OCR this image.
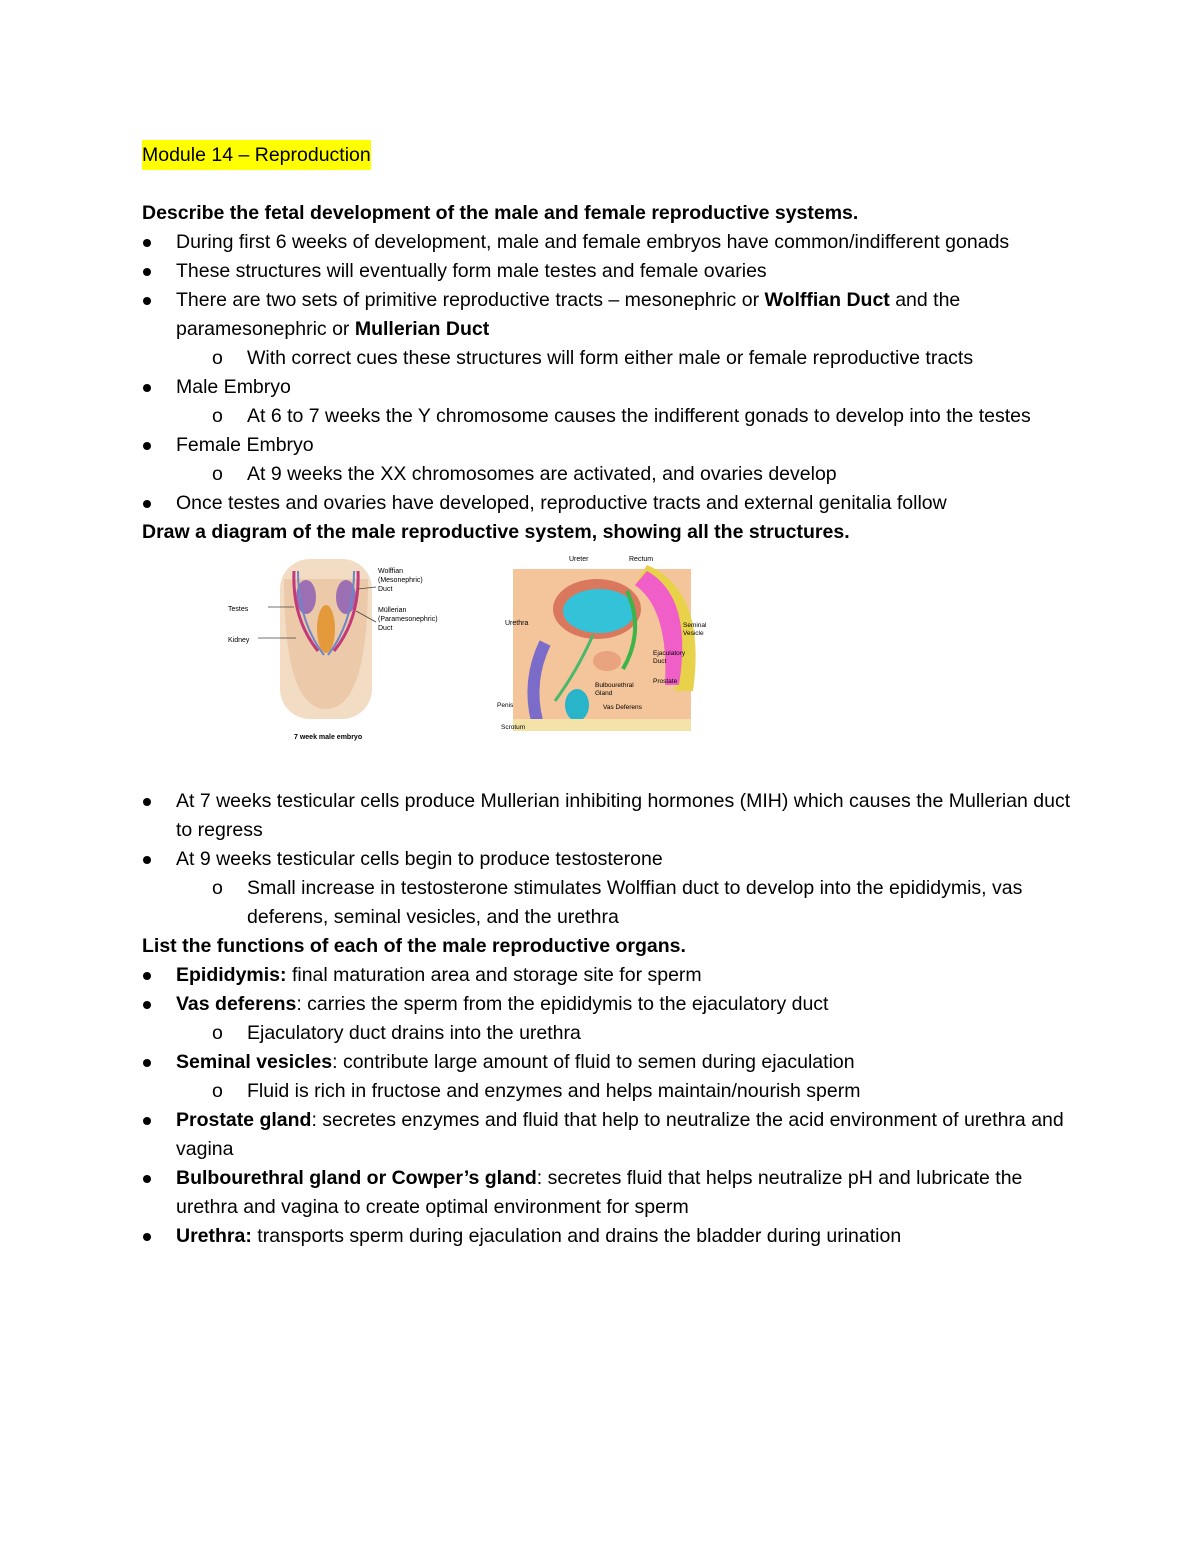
Module 14 – Reproduction
Describe the fetal development of the male and female reproductive systems.
During first 6 weeks of development, male and female embryos have common/indifferent gonads
These structures will eventually form male testes and female ovaries
There are two sets of primitive reproductive tracts – mesonephric or Wolffian Duct and the paramesonephric or Mullerian Duct
o With correct cues these structures will form either male or female reproductive tracts
Male Embryo
o At 6 to 7 weeks the Y chromosome causes the indifferent gonads to develop into the testes
Female Embryo
o At 9 weeks the XX chromosomes are activated, and ovaries develop
Once testes and ovaries have developed, reproductive tracts and external genitalia follow
Draw a diagram of the male reproductive system, showing all the structures.
Testes
Kidney
Wolffian
(Mesonephric)
Duct
Müllerian
(Paramesonephric)
Duct
7 week male embryo
Ureter	Rectum
Urethra	Seminal
Vesicle
Ejaculatory
Duct
Prostate
Bulbourethral
Gland
Penis	Vas Deferens
Scrotum
At 7 weeks testicular cells produce Mullerian inhibiting hormones (MIH) which causes the Mullerian duct to regress
At 9 weeks testicular cells begin to produce testosterone
o Small increase in testosterone stimulates Wolffian duct to develop into the epididymis, vas deferens, seminal vesicles, and the urethra
List the functions of each of the male reproductive organs.
Epididymis: final maturation area and storage site for sperm
Vas deferens: carries the sperm from the epididymis to the ejaculatory duct
o Ejaculatory duct drains into the urethra
Seminal vesicles: contribute large amount of fluid to semen during ejaculation
o Fluid is rich in fructose and enzymes and helps maintain/nourish sperm
Prostate gland: secretes enzymes and fluid that help to neutralize the acid environment of urethra and vagina
Bulbourethral gland or Cowper’s gland: secretes fluid that helps neutralize pH and lubricate the urethra and vagina to create optimal environment for sperm
Urethra: transports sperm during ejaculation and drains the bladder during urination
